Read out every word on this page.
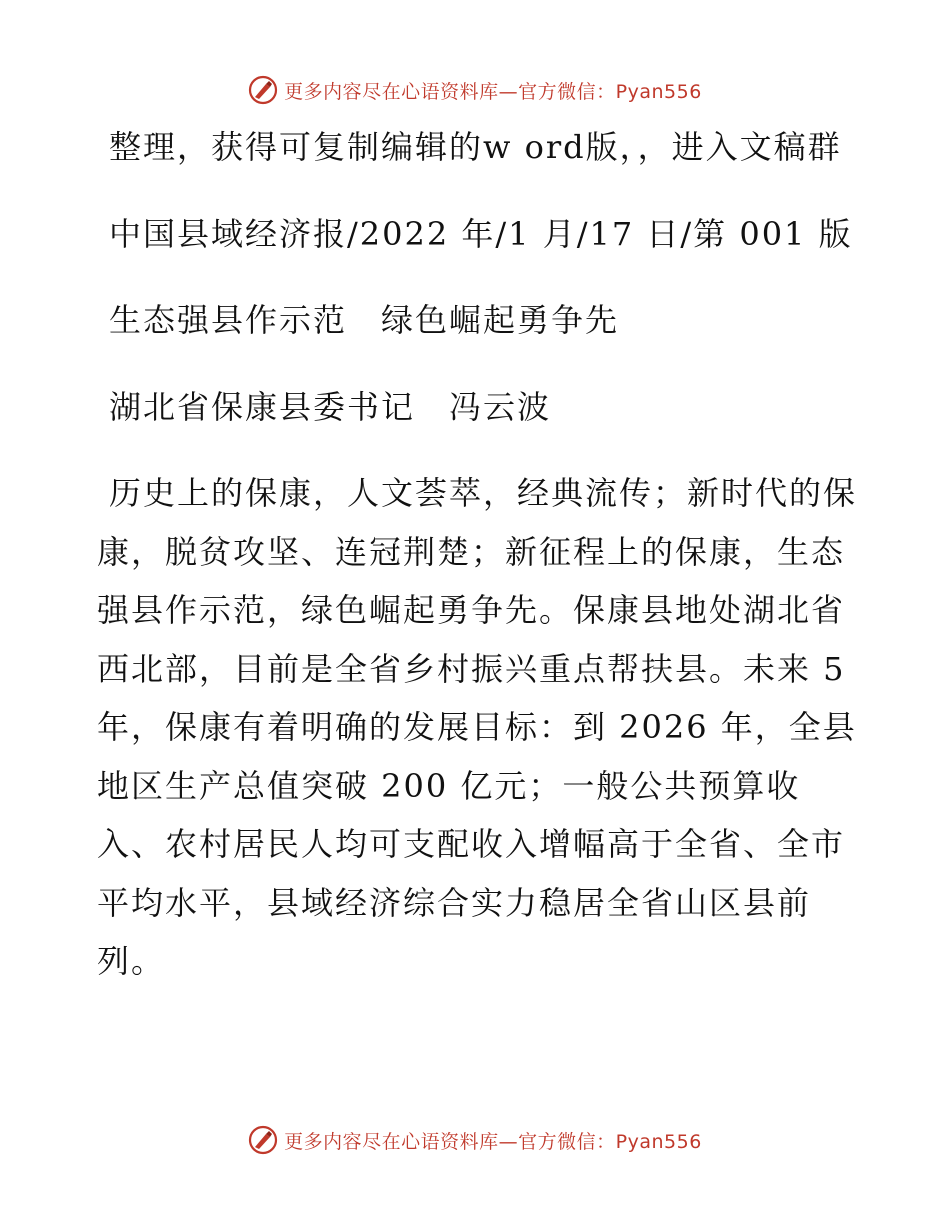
更多内容尽在心语资料库—官方微信：Pyan556

整理，获得可复制编辑的w ord版，，进入文稿群

中国县域经济报/2022 年/1 月/17 日/第 001 版

生态强县作示范　绿色崛起勇争先

湖北省保康县委书记　冯云波

历史上的保康，人文荟萃，经典流传；新时代的保康，脱贫攻坚、连冠荆楚；新征程上的保康，生态强县作示范，绿色崛起勇争先。保康县地处湖北省西北部，目前是全省乡村振兴重点帮扶县。未来 5 年，保康有着明确的发展目标：到 2026 年，全县地区生产总值突破 200 亿元；一般公共预算收入、农村居民人均可支配收入增幅高于全省、全市平均水平，县域经济综合实力稳居全省山区县前列。

更多内容尽在心语资料库—官方微信：Pyan556
